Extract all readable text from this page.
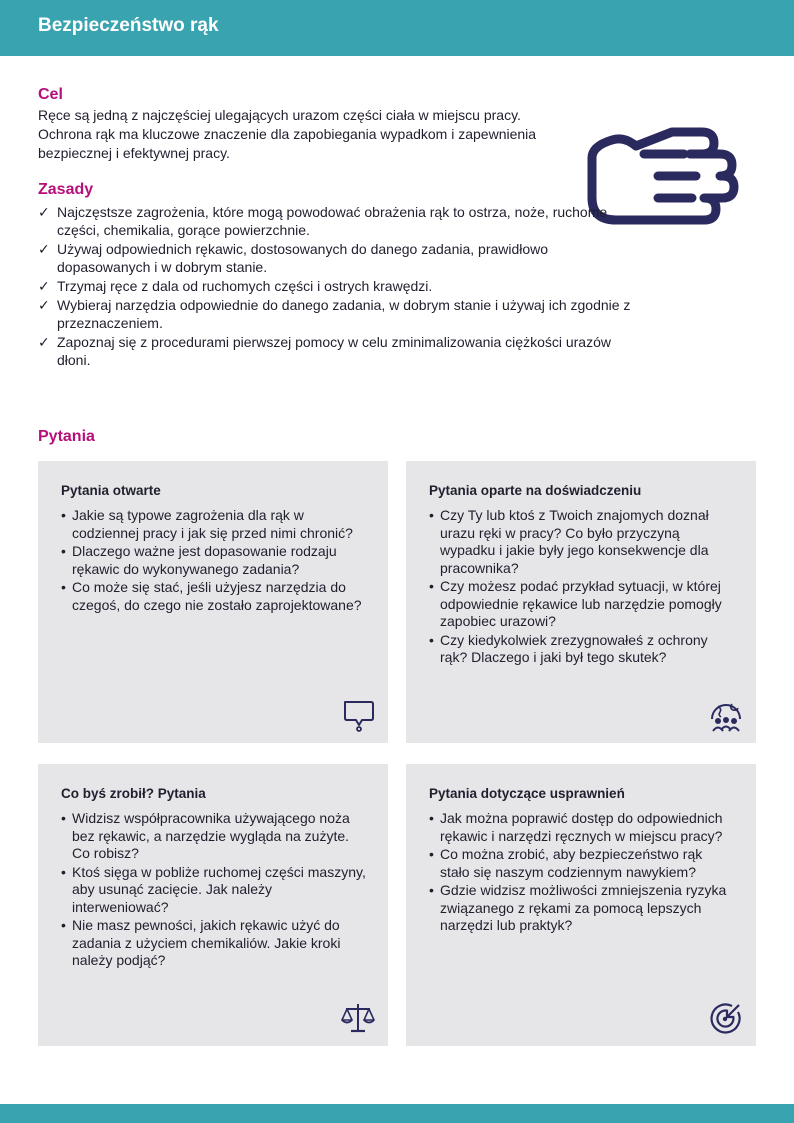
Bezpieczeństwo rąk
Cel
Ręce są jedną z najczęściej ulegających urazom części ciała w miejscu pracy. Ochrona rąk ma kluczowe znaczenie dla zapobiegania wypadkom i zapewnienia bezpiecznej i efektywnej pracy.
Zasady
✓ Najczęstsze zagrożenia, które mogą powodować obrażenia rąk to ostrza, noże, ruchome części, chemikalia, gorące powierzchnie.
✓ Używaj odpowiednich rękawic, dostosowanych do danego zadania, prawidłowo dopasowanych i w dobrym stanie.
✓ Trzymaj ręce z dala od ruchomych części i ostrych krawędzi.
✓ Wybieraj narzędzia odpowiednie do danego zadania, w dobrym stanie i używaj ich zgodnie z przeznaczeniem.
✓ Zapoznaj się z procedurami pierwszej pomocy w celu zminimalizowania ciężkości urazów dłoni.
Pytania
Pytania otwarte
• Jakie są typowe zagrożenia dla rąk w codziennej pracy i jak się przed nimi chronić?
• Dlaczego ważne jest dopasowanie rodzaju rękawic do wykonywanego zadania?
• Co może się stać, jeśli użyjesz narzędzia do czegoś, do czego nie zostało zaprojektowane?
Pytania oparte na doświadczeniu
• Czy Ty lub ktoś z Twoich znajomych doznał urazu ręki w pracy? Co było przyczyną wypadku i jakie były jego konsekwencje dla pracownika?
• Czy możesz podać przykład sytuacji, w której odpowiednie rękawice lub narzędzie pomogły zapobiec urazowi?
• Czy kiedykolwiek zrezygnowałeś z ochrony rąk? Dlaczego i jaki był tego skutek?
Co byś zrobił? Pytania
• Widzisz współpracownika używającego noża bez rękawic, a narzędzie wygląda na zużyte. Co robisz?
• Ktoś sięga w pobliże ruchomej części maszyny, aby usunąć zacięcie. Jak należy interweniować?
• Nie masz pewności, jakich rękawic użyć do zadania z użyciem chemikaliów. Jakie kroki należy podjąć?
Pytania dotyczące usprawnień
• Jak można poprawić dostęp do odpowiednich rękawic i narzędzi ręcznych w miejscu pracy?
• Co można zrobić, aby bezpieczeństwo rąk stało się naszym codziennym nawykiem?
• Gdzie widzisz możliwości zmniejszenia ryzyka związanego z rękami za pomocą lepszych narzędzi lub praktyk?
